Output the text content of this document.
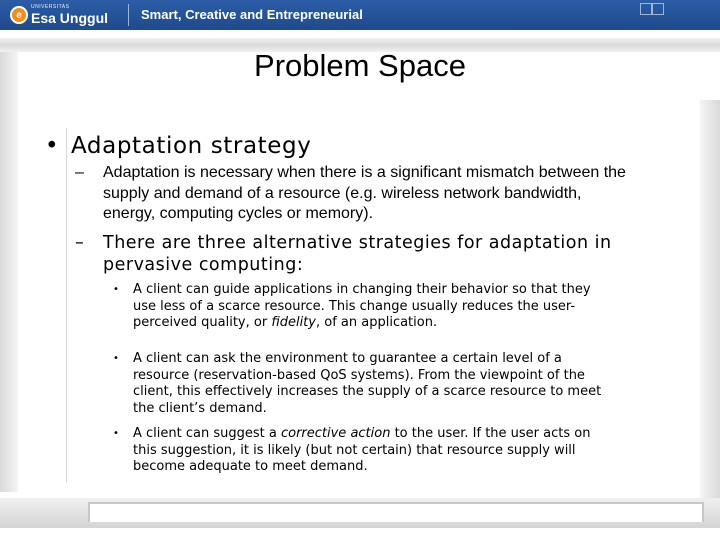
e
UNIVERSITAS
Esa Unggul	Smart, Creative and Entrepreneurial
Problem Space
• Adaptation strategy
–	Adaptation is necessary when there is a significant mismatch between the supply and demand of a resource (e.g. wireless network bandwidth, energy, computing cycles or memory).
–	There are three alternative strategies for adaptation in pervasive computing:
•	A client can guide applications in changing their behavior so that they use less of a scarce resource. This change usually reduces the user-perceived quality, or fidelity, of an application.
•	A client can ask the environment to guarantee a certain level of a resource (reservation-based QoS systems). From the viewpoint of the client, this effectively increases the supply of a scarce resource to meet the client’s demand.
•	A client can suggest a corrective action to the user. If the user acts on this suggestion, it is likely (but not certain) that resource supply will become adequate to meet demand.
